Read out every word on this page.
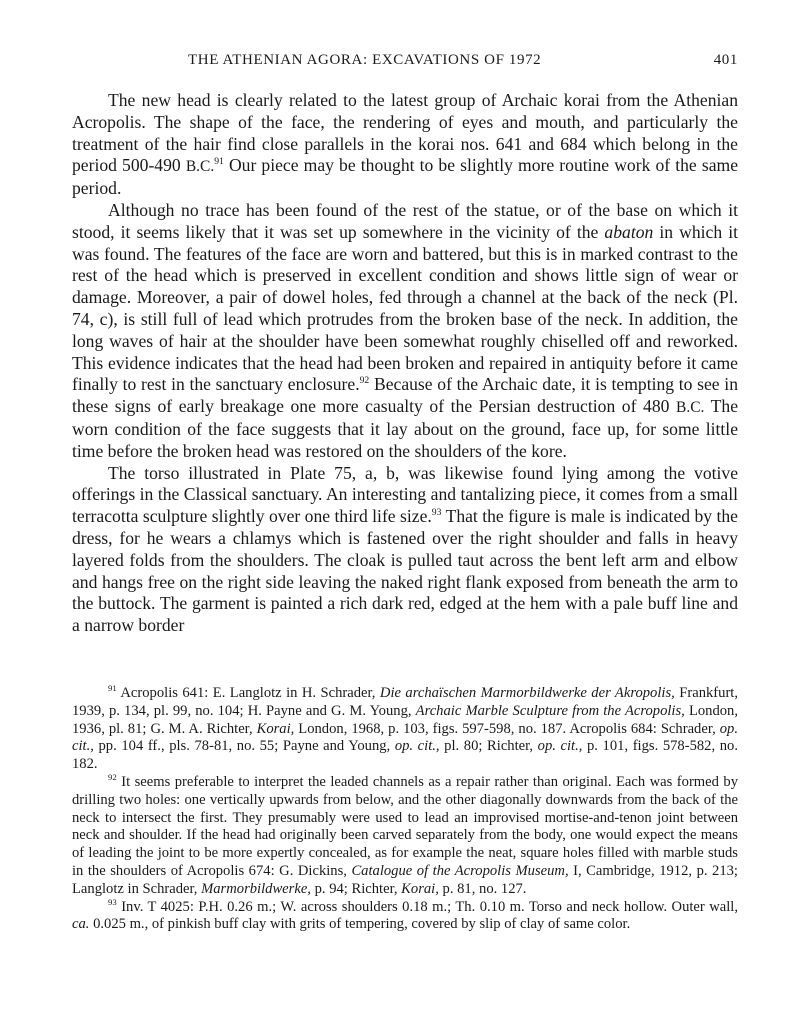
THE ATHENIAN AGORA: EXCAVATIONS OF 1972	401

The new head is clearly related to the latest group of Archaic korai from the Athenian Acropolis. The shape of the face, the rendering of eyes and mouth, and particularly the treatment of the hair find close parallels in the korai nos. 641 and 684 which belong in the period 500-490 B.C.$^{91}$ Our piece may be thought to be slightly more routine work of the same period.

Although no trace has been found of the rest of the statue, or of the base on which it stood, it seems likely that it was set up somewhere in the vicinity of the abaton in which it was found. The features of the face are worn and battered, but this is in marked contrast to the rest of the head which is preserved in excellent condition and shows little sign of wear or damage. Moreover, a pair of dowel holes, fed through a channel at the back of the neck (Pl. 74, c), is still full of lead which protrudes from the broken base of the neck. In addition, the long waves of hair at the shoulder have been somewhat roughly chiselled off and reworked. This evidence indicates that the head had been broken and repaired in antiquity before it came finally to rest in the sanctuary enclosure.$^{92}$ Because of the Archaic date, it is tempting to see in these signs of early breakage one more casualty of the Persian destruction of 480 B.C. The worn condition of the face suggests that it lay about on the ground, face up, for some little time before the broken head was restored on the shoulders of the kore.

The torso illustrated in Plate 75, a, b, was likewise found lying among the votive offerings in the Classical sanctuary. An interesting and tantalizing piece, it comes from a small terracotta sculpture slightly over one third life size.$^{93}$ That the figure is male is indicated by the dress, for he wears a chlamys which is fastened over the right shoulder and falls in heavy layered folds from the shoulders. The cloak is pulled taut across the bent left arm and elbow and hangs free on the right side leaving the naked right flank exposed from beneath the arm to the buttock. The garment is painted a rich dark red, edged at the hem with a pale buff line and a narrow border

$^{91}$ Acropolis 641: E. Langlotz in H. Schrader, Die archaïschen Marmorbildwerke der Akropolis, Frankfurt, 1939, p. 134, pl. 99, no. 104; H. Payne and G. M. Young, Archaic Marble Sculpture from the Acropolis, London, 1936, pl. 81; G. M. A. Richter, Korai, London, 1968, p. 103, figs. 597-598, no. 187. Acropolis 684: Schrader, op. cit., pp. 104 ff., pls. 78-81, no. 55; Payne and Young, op. cit., pl. 80; Richter, op. cit., p. 101, figs. 578-582, no. 182.

$^{92}$ It seems preferable to interpret the leaded channels as a repair rather than original. Each was formed by drilling two holes: one vertically upwards from below, and the other diagonally downwards from the back of the neck to intersect the first. They presumably were used to lead an improvised mortise-and-tenon joint between neck and shoulder. If the head had originally been carved separately from the body, one would expect the means of leading the joint to be more expertly concealed, as for example the neat, square holes filled with marble studs in the shoulders of Acropolis 674: G. Dickins, Catalogue of the Acropolis Museum, I, Cambridge, 1912, p. 213; Langlotz in Schrader, Marmorbildwerke, p. 94; Richter, Korai, p. 81, no. 127.

$^{93}$ Inv. T 4025: P.H. 0.26 m.; W. across shoulders 0.18 m.; Th. 0.10 m. Torso and neck hollow. Outer wall, ca. 0.025 m., of pinkish buff clay with grits of tempering, covered by slip of clay of same color.
